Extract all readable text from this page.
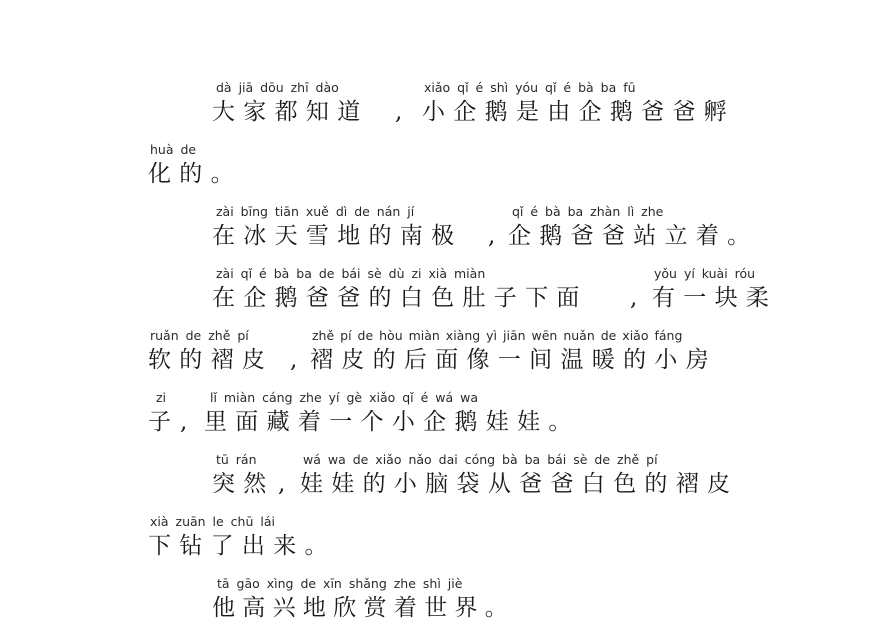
dà jiā dōu zhī dào
大 家 都 知 道 ,
xiǎo qǐ é shì yóu qǐ é bà ba fū
小 企 鹅 是 由 企 鹅 爸 爸 孵
huà de
化 的 。
zài bīng tiān xuě dì de nán jí
在 冰 天 雪 地 的 南 极 ,
qǐ é bà ba zhàn lì zhe
企 鹅 爸 爸 站 立 着 。
zài qǐ é bà ba de bái sè dù zi xià miàn
在 企 鹅 爸 爸 的 白 色 肚 子 下 面 ,
yǒu yí kuài róu
有 一 块 柔
ruǎn de zhě pí
软 的 褶 皮 ,
zhě pí de hòu miàn xiàng yì jiān wēn nuǎn de xiǎo fáng
褶 皮 的 后 面 像 一 间 温 暖 的 小 房
zi
子 ,
lǐ miàn cáng zhe yí gè xiǎo qǐ é wá wa
里 面 藏 着 一 个 小 企 鹅 娃 娃 。
tū rán
突 然 ,
wá wa de xiǎo nǎo dai cóng bà ba bái sè de zhě pí
娃 娃 的 小 脑 袋 从 爸 爸 白 色 的 褶 皮
xià zuān le chū lái
下 钻 了 出 来 。
tā gāo xìng de xīn shǎng zhe shì jiè
他 高 兴 地 欣 赏 着 世 界 。
